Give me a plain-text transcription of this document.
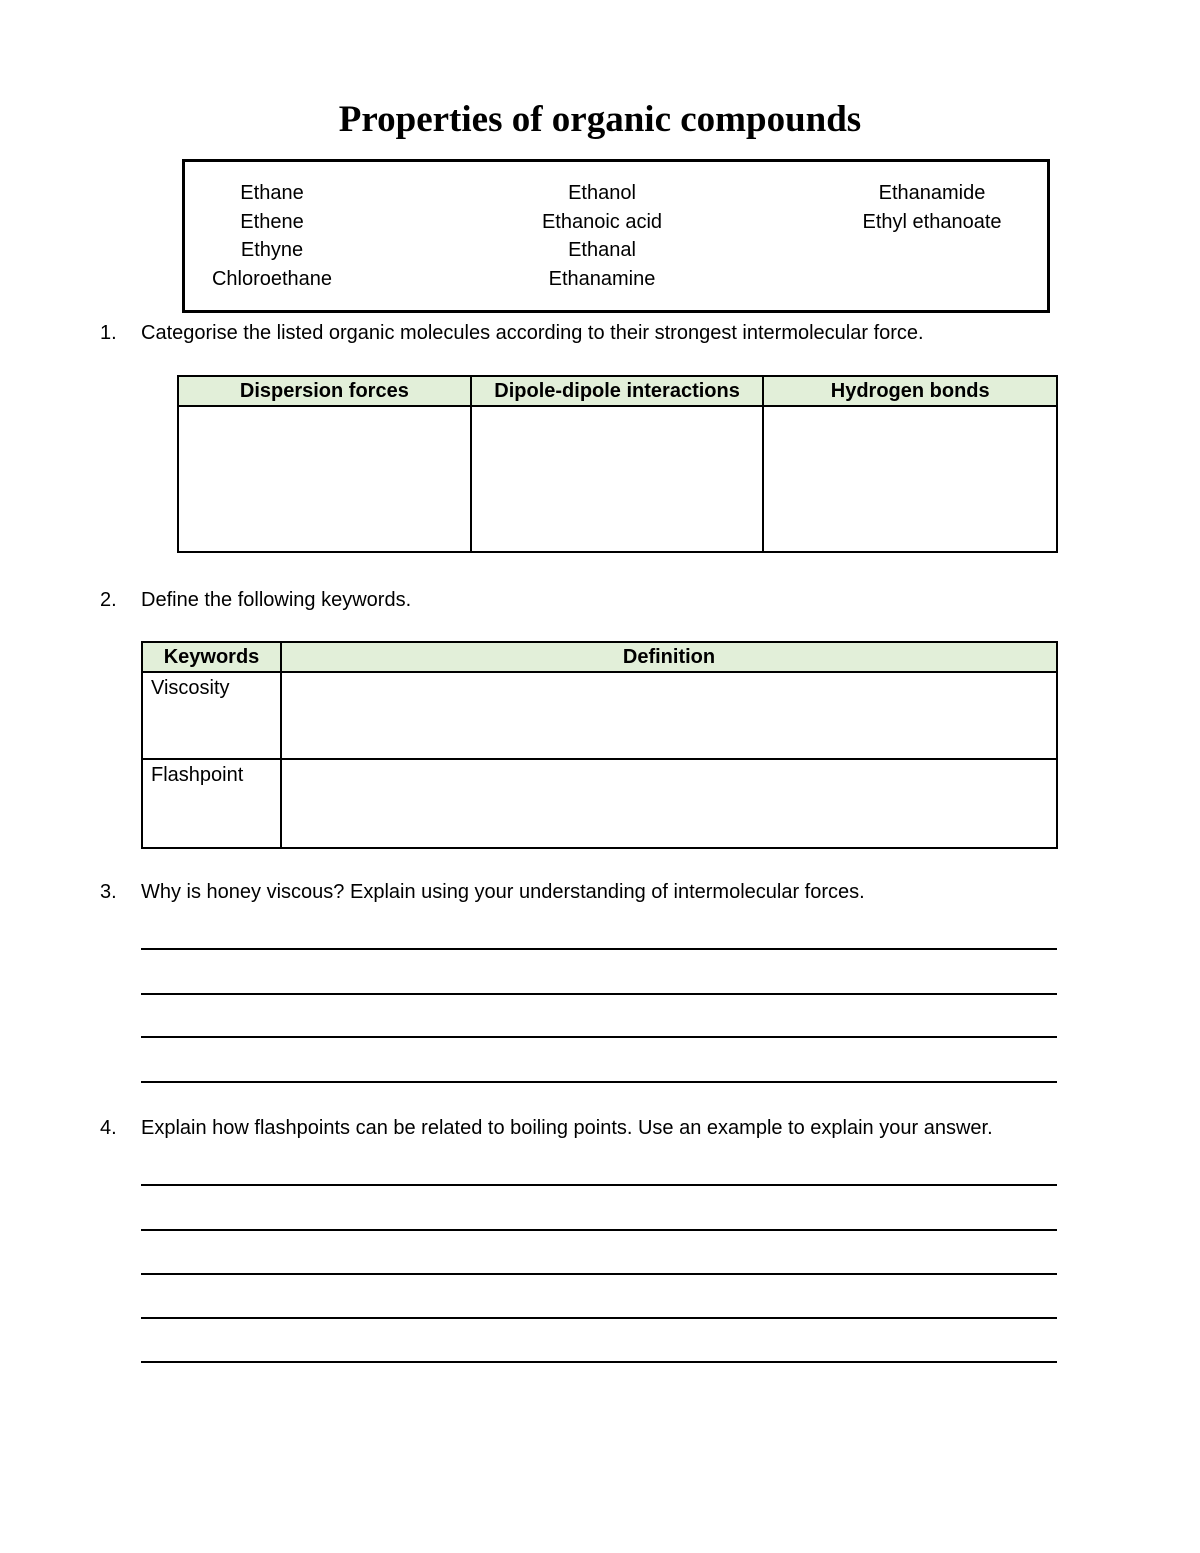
Properties of organic compounds
Ethane
Ethene
Ethyne
Chloroethane
Ethanol
Ethanoic acid
Ethanal
Ethanamine
Ethanamide
Ethyl ethanoate
1. Categorise the listed organic molecules according to their strongest intermolecular force.
Dispersion forces	Dipole-dipole interactions	Hydrogen bonds

2. Define the following keywords.
Keywords	Definition
Viscosity	
Flashpoint	
3. Why is honey viscous? Explain using your understanding of intermolecular forces.
4. Explain how flashpoints can be related to boiling points. Use an example to explain your answer.
